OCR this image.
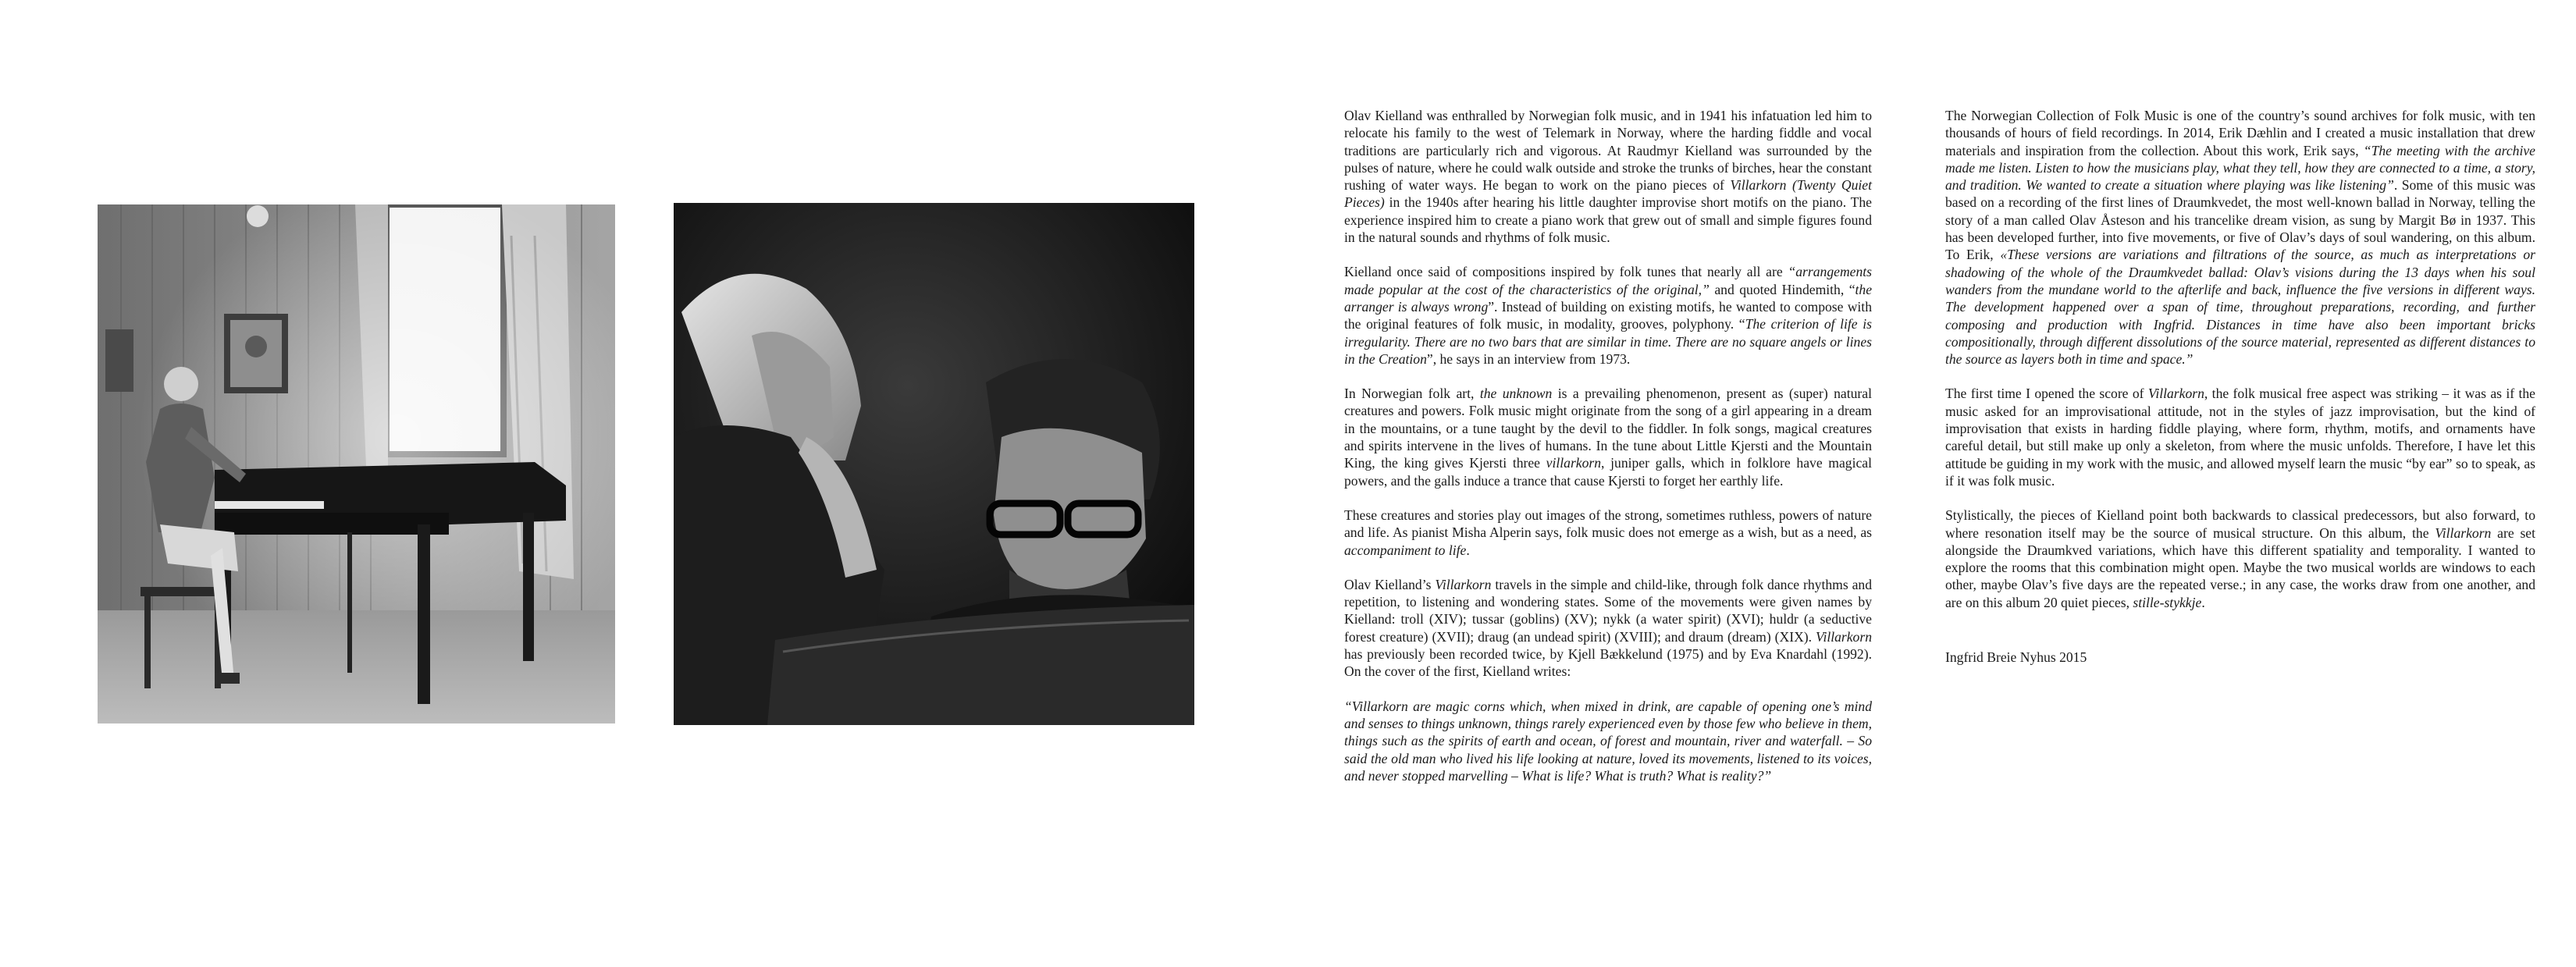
Olav Kielland was enthralled by Norwegian folk music, and in 1941 his infatuation led him to relocate his family to the west of Telemark in Norway, where the harding fiddle and vocal traditions are particularly rich and vigorous. At Raudmyr Kielland was surrounded by the pulses of nature, where he could walk outside and stroke the trunks of birches, hear the constant rushing of water ways. He began to work on the piano pieces of Villarkorn (Twenty Quiet Pieces) in the 1940s after hearing his little daughter improvise short motifs on the piano. The experience inspired him to create a piano work that grew out of small and simple figures found in the natural sounds and rhythms of folk music.

Kielland once said of compositions inspired by folk tunes that nearly all are “arrangements made popular at the cost of the characteristics of the original,” and quoted Hindemith, “the arranger is always wrong”. Instead of building on existing motifs, he wanted to compose with the original features of folk music, in modality, grooves, polyphony. “The criterion of life is irregularity. There are no two bars that are similar in time. There are no square angels or lines in the Creation”, he says in an interview from 1973.

In Norwegian folk art, the unknown is a prevailing phenomenon, present as (super) natural creatures and powers. Folk music might originate from the song of a girl appearing in a dream in the mountains, or a tune taught by the devil to the fiddler. In folk songs, magical creatures and spirits intervene in the lives of humans. In the tune about Little Kjersti and the Mountain King, the king gives Kjersti three villarkorn, juniper galls, which in folklore have magical powers, and the galls induce a trance that cause Kjersti to forget her earthly life.

These creatures and stories play out images of the strong, sometimes ruthless, powers of nature and life. As pianist Misha Alperin says, folk music does not emerge as a wish, but as a need, as accompaniment to life.

Olav Kielland’s Villarkorn travels in the simple and child-like, through folk dance rhythms and repetition, to listening and wondering states. Some of the movements were given names by Kielland: troll (XIV); tussar (goblins) (XV); nykk (a water spirit) (XVI); huldr (a seductive forest creature) (XVII); draug (an undead spirit) (XVIII); and draum (dream) (XIX). Villarkorn has previously been recorded twice, by Kjell Bækkelund (1975) and by Eva Knardahl (1992). On the cover of the first, Kielland writes:

“Villarkorn are magic corns which, when mixed in drink, are capable of opening one’s mind and senses to things unknown, things rarely experienced even by those few who believe in them, things such as the spirits of earth and ocean, of forest and mountain, river and waterfall. – So said the old man who lived his life looking at nature, loved its movements, listened to its voices, and never stopped marvelling – What is life? What is truth? What is reality?”

The Norwegian Collection of Folk Music is one of the country’s sound archives for folk music, with ten thousands of hours of field recordings. In 2014, Erik Dæhlin and I created a music installation that drew materials and inspiration from the collection. About this work, Erik says, “The meeting with the archive made me listen. Listen to how the musicians play, what they tell, how they are connected to a time, a story, and tradition. We wanted to create a situation where playing was like listening”. Some of this music was based on a recording of the first lines of Draumkvedet, the most well-known ballad in Norway, telling the story of a man called Olav Åsteson and his trancelike dream vision, as sung by Margit Bø in 1937. This has been developed further, into five movements, or five of Olav’s days of soul wandering, on this album. To Erik, «These versions are variations and filtrations of the source, as much as interpretations or shadowing of the whole of the Draumkvedet ballad: Olav’s visions during the 13 days when his soul wanders from the mundane world to the afterlife and back, influence the five versions in different ways. The development happened over a span of time, throughout preparations, recording, and further composing and production with Ingfrid. Distances in time have also been important bricks compositionally, through different dissolutions of the source material, represented as different distances to the source as layers both in time and space.”

The first time I opened the score of Villarkorn, the folk musical free aspect was striking – it was as if the music asked for an improvisational attitude, not in the styles of jazz improvisation, but the kind of improvisation that exists in harding fiddle playing, where form, rhythm, motifs, and ornaments have careful detail, but still make up only a skeleton, from where the music unfolds. Therefore, I have let this attitude be guiding in my work with the music, and allowed myself learn the music “by ear” so to speak, as if it was folk music.

Stylistically, the pieces of Kielland point both backwards to classical predecessors, but also forward, to where resonation itself may be the source of musical structure. On this album, the Villarkorn are set alongside the Draumkved variations, which have this different spatiality and temporality. I wanted to explore the rooms that this combination might open. Maybe the two musical worlds are windows to each other, maybe Olav’s five days are the repeated verse.; in any case, the works draw from one another, and are on this album 20 quiet pieces, stille-stykkje.

Ingfrid Breie Nyhus 2015
